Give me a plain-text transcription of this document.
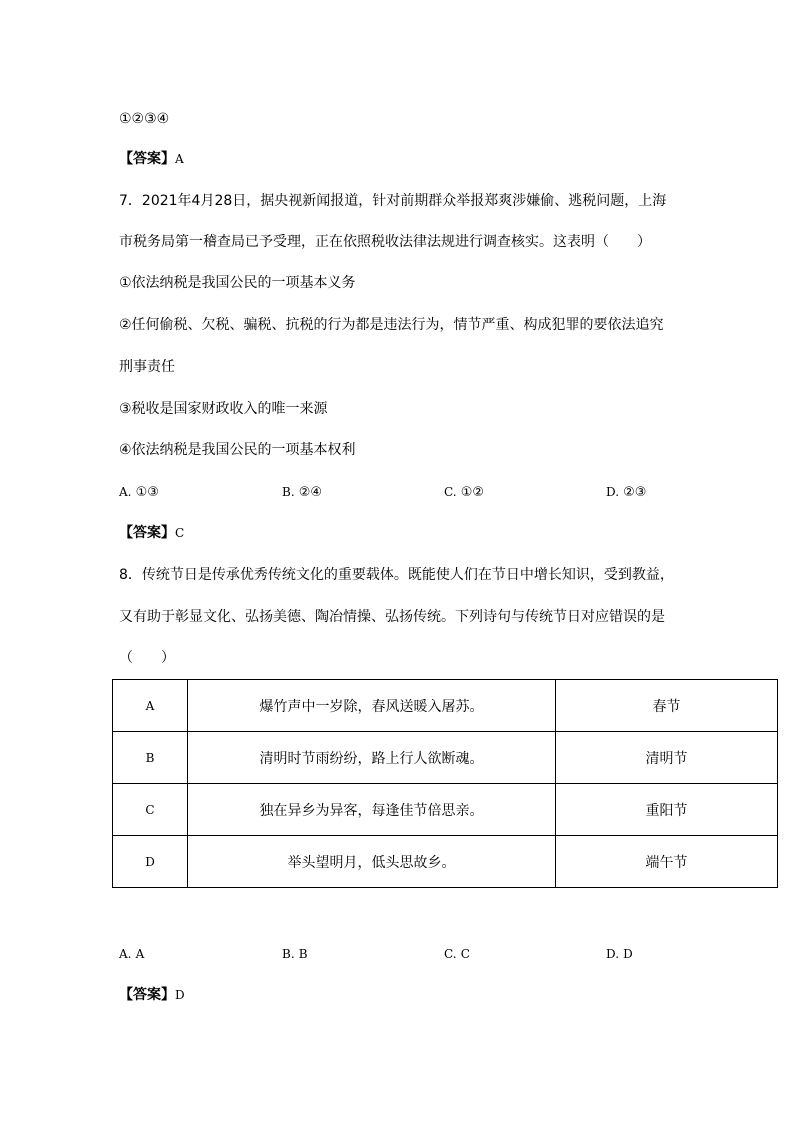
①②③④
【答案】A
7．2021年4月28日，据央视新闻报道，针对前期群众举报郑爽涉嫌偷、逃税问题，上海
市税务局第一稽查局已予受理，正在依照税收法律法规进行调查核实。这表明（　　）
①依法纳税是我国公民的一项基本义务
②任何偷税、欠税、骗税、抗税的行为都是违法行为，情节严重、构成犯罪的要依法追究
刑事责任
③税收是国家财政收入的唯一来源
④依法纳税是我国公民的一项基本权利
A. ①③	B. ②④	C. ①②	D. ②③
【答案】C
8．传统节日是传承优秀传统文化的重要载体。既能使人们在节日中增长知识，受到教益，
又有助于彰显文化、弘扬美德、陶冶情操、弘扬传统。下列诗句与传统节日对应错误的是
（　　）
A	爆竹声中一岁除，春风送暖入屠苏。	春节
B	清明时节雨纷纷，路上行人欲断魂。	清明节
C	独在异乡为异客，每逢佳节倍思亲。	重阳节
D	举头望明月，低头思故乡。	端午节
A. A	B. B	C. C	D. D
【答案】D
